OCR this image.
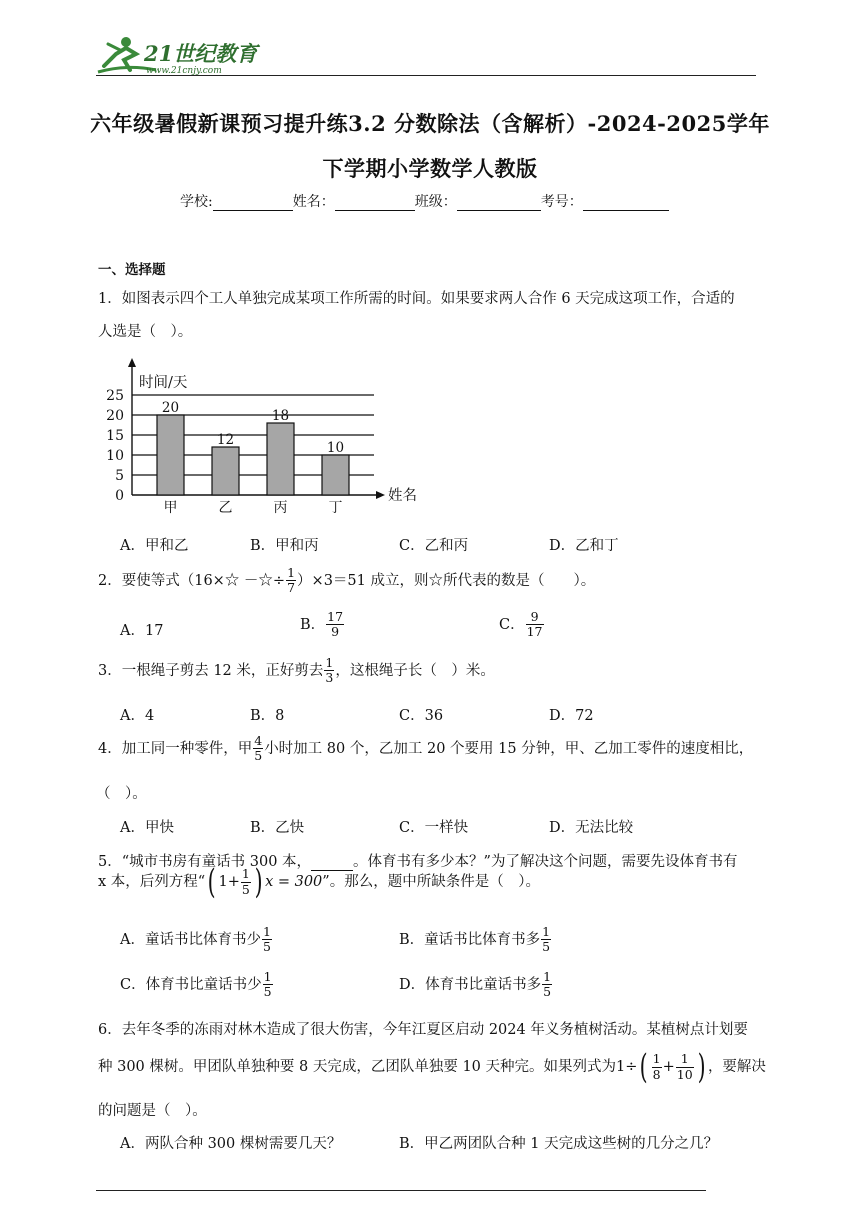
21世纪教育
www.21cnjy.com
六年级暑假新课预习提升练3.2 分数除法（含解析）-2024-2025学年
下学期小学数学人教版
学校:	姓名：	班级：	考号：
一、选择题
1．如图表示四个工人单独完成某项工作所需的时间。如果要求两人合作 6 天完成这项工作，合适的
人选是（　）。
0
5
10
15
20
25
时间/天
姓名
20
甲
12
乙
18
丙
10
丁
A．甲和乙	B．甲和丙	C．乙和丙	D．乙和丁
2．要使等式（16×☆ －☆÷ $\frac{1}{7} )\times 3=51$ 成立，则☆所代表的数是（　　）。
A．17	B． $\frac{17}{9}$	C． $\frac{9}{17}$
3．一根绳子剪去 12 米，正好剪去 $\frac{1}{3}$ ，这根绳子长（　）米。
A．4	B．8	C．36	D．72
4．加工同一种零件，甲 $\frac{4}{5}$ 小时加工 80 个，乙加工 20 个要用 15 分钟，甲、乙加工零件的速度相比，
（　）。
A．甲快	B．乙快	C．一样快	D．无法比较
5．“城市书房有童话书 300 本，	。体育书有多少本？”为了解决这个问题，需要先设体育书有
x 本，后列方程“( $1+ \frac{1}{5}$ ) x = 300”。那么，题中所缺条件是（　）。
A．童话书比体育书少 $\frac{1}{5}$	B．童话书比体育书多 $\frac{1}{5}$
C．体育书比童话书少 $\frac{1}{5}$	D．体育书比童话书多 $\frac{1}{5}$
6．去年冬季的冻雨对林木造成了很大伤害，今年江夏区启动 2024 年义务植树活动。某植树点计划要
种 300 棵树。甲团队单独种要 8 天完成，乙团队单独要 10 天种完。如果列式为$1\div( \frac{1}{8} + \frac{1}{10}$ ) ，要解决
的问题是（　）。
A．两队合种 300 棵树需要几天？	B．甲乙两团队合种 1 天完成这些树的几分之几？
